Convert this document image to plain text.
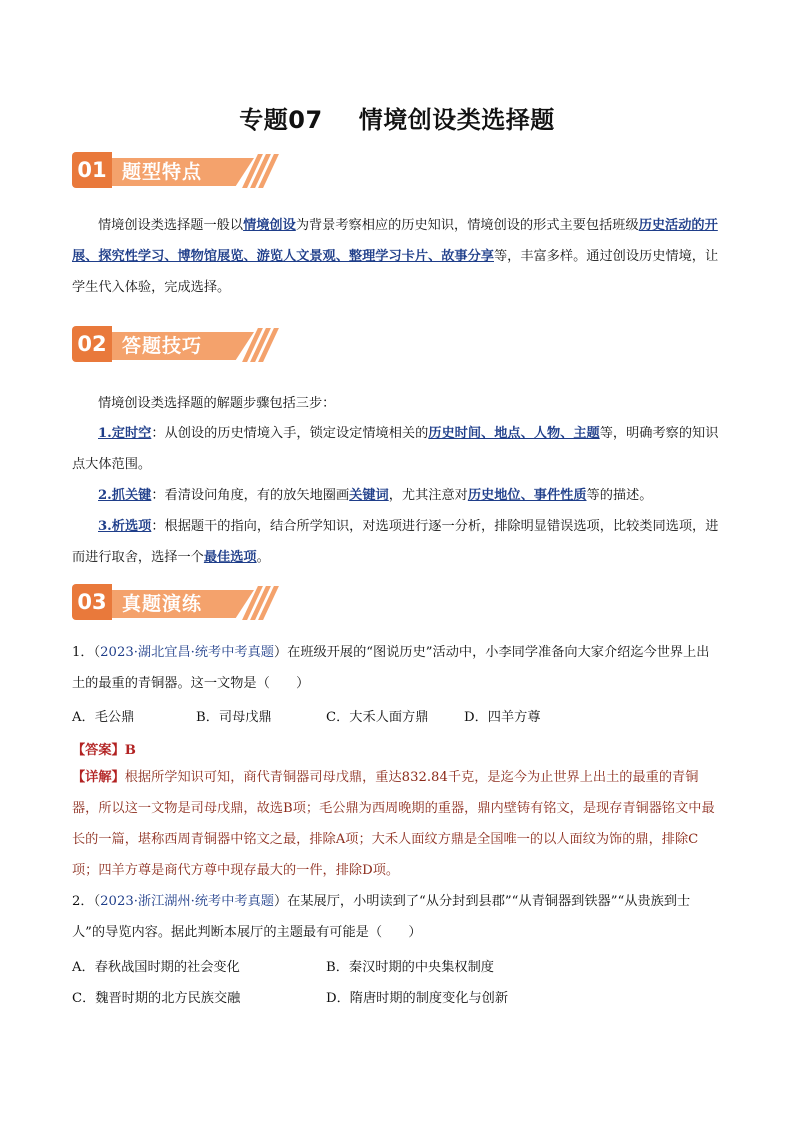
专题07 情境创设类选择题
01 题型特点
情境创设类选择题一般以情境创设为背景考察相应的历史知识，情境创设的形式主要包括班级历史活动的开展、探究性学习、博物馆展览、游览人文景观、整理学习卡片、故事分享等，丰富多样。通过创设历史情境，让学生代入体验，完成选择。
02 答题技巧
情境创设类选择题的解题步骤包括三步：
1.定时空：从创设的历史情境入手，锁定设定情境相关的历史时间、地点、人物、主题等，明确考察的知识点大体范围。
2.抓关键：看清设问角度，有的放矢地圈画关键词，尤其注意对历史地位、事件性质等的描述。
3.析选项：根据题干的指向，结合所学知识，对选项进行逐一分析，排除明显错误选项，比较类同选项，进而进行取舍，选择一个最佳选项。
03 真题演练
1．（2023·湖北宜昌·统考中考真题）在班级开展的“图说历史”活动中，小李同学准备向大家介绍迄今世界上出土的最重的青铜器。这一文物是（　　）
A．毛公鼎	B．司母戊鼎	C．大禾人面方鼎	D．四羊方尊
【答案】B
【详解】根据所学知识可知，商代青铜器司母戊鼎，重达832.84千克，是迄今为止世界上出土的最重的青铜器，所以这一文物是司母戊鼎，故选B项；毛公鼎为西周晚期的重器，鼎内壁铸有铭文，是现存青铜器铭文中最长的一篇，堪称西周青铜器中铭文之最，排除A项；大禾人面纹方鼎是全国唯一的以人面纹为饰的鼎，排除C项；四羊方尊是商代方尊中现存最大的一件，排除D项。
2．（2023·浙江湖州·统考中考真题）在某展厅，小明读到了“从分封到县郡”“从青铜器到铁器”“从贵族到士人”的导览内容。据此判断本展厅的主题最有可能是（　　）
A．春秋战国时期的社会变化	B．秦汉时期的中央集权制度
C．魏晋时期的北方民族交融	D．隋唐时期的制度变化与创新
